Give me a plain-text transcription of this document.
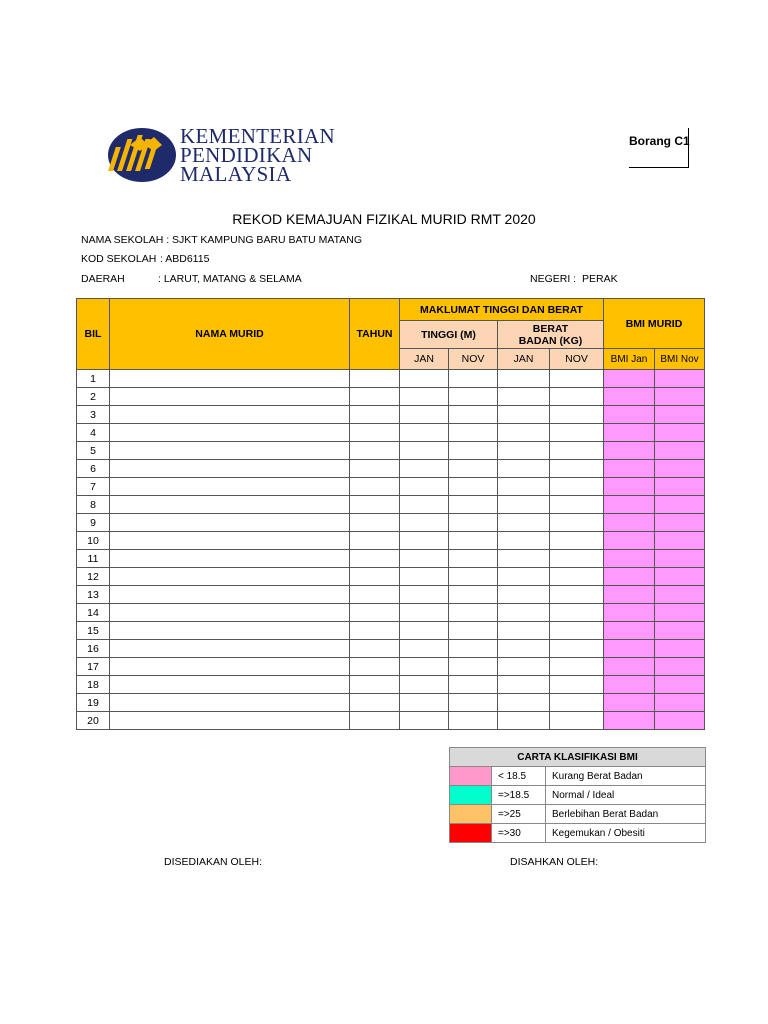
KEMENTERIAN
PENDIDIKAN
MALAYSIA
Borang C1
REKOD KEMAJUAN FIZIKAL MURID RMT 2020
NAMA SEKOLAH : SJKT KAMPUNG BARU BATU MATANG
KOD SEKOLAH : ABD6115
DAERAH	: LARUT, MATANG & SELAMA	NEGERI : PERAK
BIL	NAMA MURID	TAHUN	MAKLUMAT TINGGI DAN BERAT				BMI MURID	
			TINGGI (M)		BERAT BADAN (KG)			
			JAN	NOV	JAN	NOV	BMI Jan	BMI Nov
1								
2								
3								
4								
5								
6								
7								
8								
9								
10								
11								
12								
13								
14								
15								
16								
17								
18								
19								
20								
CARTA KLASIFIKASI BMI		
	< 18.5	Kurang Berat Badan
	=>18.5	Normal / Ideal
	=>25	Berlebihan Berat Badan
	=>30	Kegemukan / Obesiti
DISEDIAKAN OLEH:	DISAHKAN OLEH:
